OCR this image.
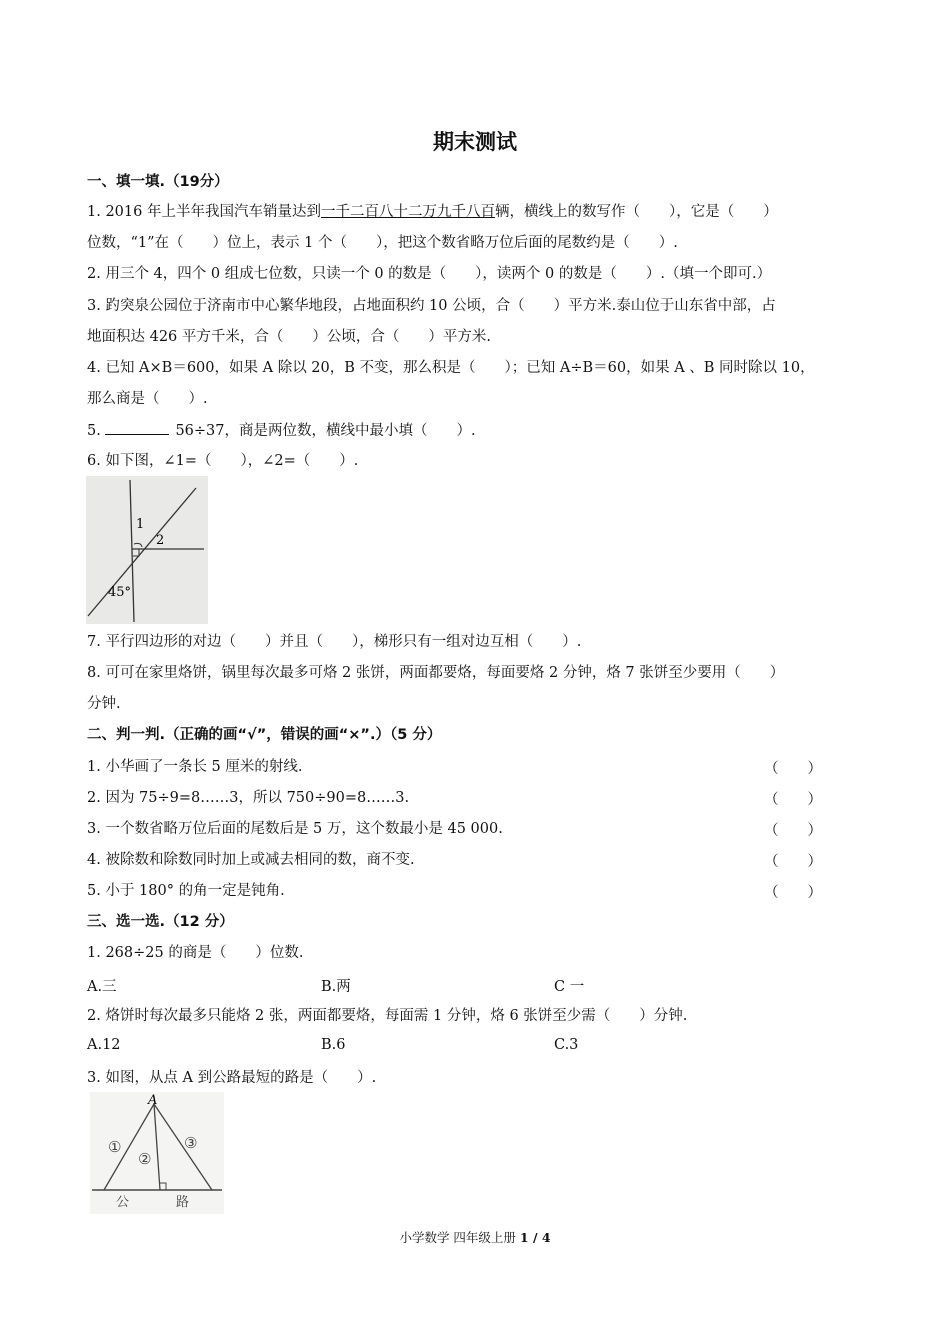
期末测试
一、填一填.（19分）
1. 2016 年上半年我国汽车销量达到一千二百八十二万九千八百辆，横线上的数写作（　　），它是（　　）
位数，“1”在（　　）位上，表示 1 个（　　），把这个数省略万位后面的尾数约是（　　）.
2. 用三个 4，四个 0 组成七位数，只读一个 0 的数是（　　），读两个 0 的数是（　　）.（填一个即可.）
3. 趵突泉公园位于济南市中心繁华地段，占地面积约 10 公顷，合（　　）平方米.泰山位于山东省中部，占
地面积达 426 平方千米，合（　　）公顷，合（　　）平方米.
4. 已知 A×B＝600，如果 A 除以 20，B 不变，那么积是（　　）；已知 A÷B＝60，如果 A 、B 同时除以 10，
那么商是（　　）.
5.	56÷37，商是两位数，横线中最小填（　　）.
6. 如下图，∠1=（　　），∠2=（　　）.
1
2
45°
7. 平行四边形的对边（　　）并且（　　），梯形只有一组对边互相（　　）.
8. 可可在家里烙饼，锅里每次最多可烙 2 张饼，两面都要烙，每面要烙 2 分钟，烙 7 张饼至少要用（　　）
分钟.
二、判一判.（正确的画“√”，错误的画“×”.）（5 分）
1. 小华画了一条长 5 厘米的射线.	（　　）
2. 因为 75÷9=8……3，所以 750÷90=8……3.	（　　）
3. 一个数省略万位后面的尾数后是 5 万，这个数最小是 45 000.	（　　）
4. 被除数和除数同时加上或减去相同的数，商不变.	（　　）
5. 小于 180° 的角一定是钝角.	（　　）
三、选一选.（12 分）
1. 268÷25 的商是（　　）位数.
A.三	B.两	C 一
2. 烙饼时每次最多只能烙 2 张，两面都要烙，每面需 1 分钟，烙 6 张饼至少需（　　）分钟.
A.12	B.6	C.3
3. 如图，从点 A 到公路最短的路是（　　）.
A
①
②
③
公	路
小学数学 四年级上册 1 / 4
